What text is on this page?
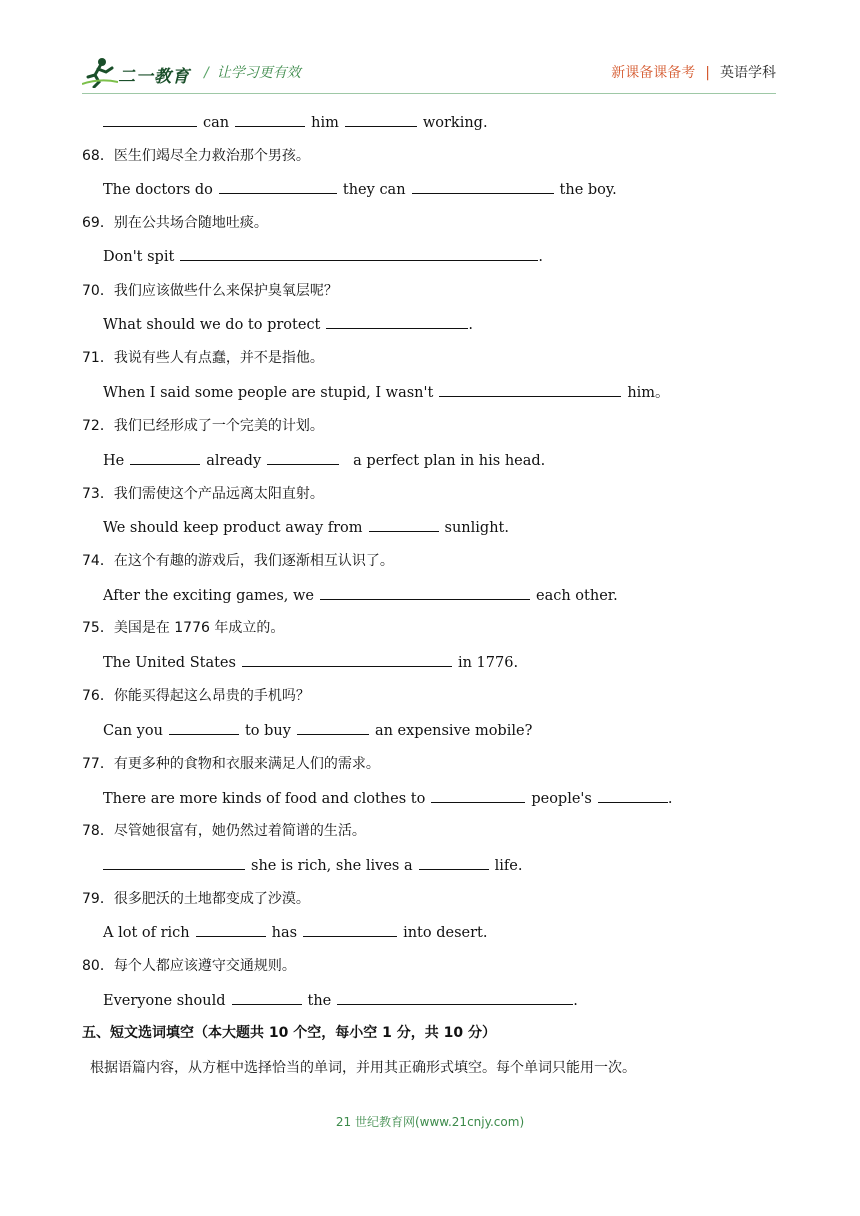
二一教育 / 让学习更有效	新课备课备考 | 英语学科
can	him	working.
68．医生们竭尽全力救治那个男孩。
The doctors do	they can	the boy.
69．别在公共场合随地吐痰。
Don't spit	.
70．我们应该做些什么来保护臭氧层呢？
What should we do to protect	.
71．我说有些人有点蠢，并不是指他。
When I said some people are stupid, I wasn't	him。
72．我们已经形成了一个完美的计划。
He	already	a perfect plan in his head.
73．我们需使这个产品远离太阳直射。
We should keep product away from	sunlight.
74．在这个有趣的游戏后，我们逐渐相互认识了。
After the exciting games, we	each other.
75．美国是在 1776 年成立的。
The United States	in 1776.
76．你能买得起这么昂贵的手机吗？
Can you	to buy	an expensive mobile?
77．有更多种的食物和衣服来满足人们的需求。
There are more kinds of food and clothes to	people's	.
78．尽管她很富有，她仍然过着简谱的生活。
she is rich, she lives a	life.
79．很多肥沃的土地都变成了沙漠。
A lot of rich	has	into desert.
80．每个人都应该遵守交通规则。
Everyone should	the	.
五、短文选词填空（本大题共 10 个空，每小空 1 分，共 10 分）
根据语篇内容，从方框中选择恰当的单词，并用其正确形式填空。每个单词只能用一次。
21 世纪教育网(www.21cnjy.com)
